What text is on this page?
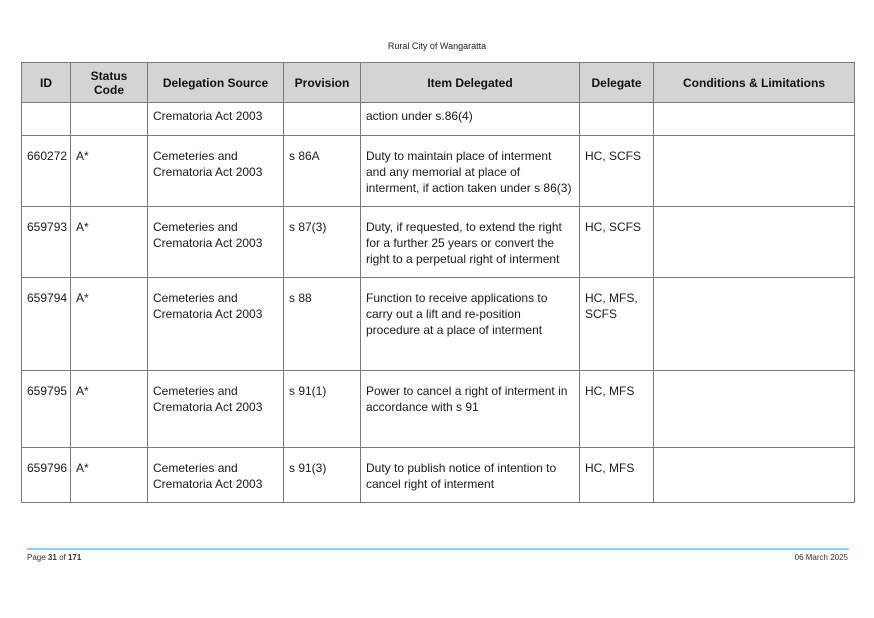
Rural City of Wangaratta
ID	Status Code	Delegation Source	Provision	Item Delegated	Delegate	Conditions & Limitations
		Crematoria Act 2003		action under s.86(4)		
660272	A*	Cemeteries and Crematoria Act 2003	s 86A	Duty to maintain place of interment and any memorial at place of interment, if action taken under s 86(3)	HC, SCFS	
659793	A*	Cemeteries and Crematoria Act 2003	s 87(3)	Duty, if requested, to extend the right for a further 25 years or convert the right to a perpetual right of interment	HC, SCFS	
659794	A*	Cemeteries and Crematoria Act 2003	s 88	Function to receive applications to carry out a lift and re-position procedure at a place of interment	HC, MFS, SCFS	
659795	A*	Cemeteries and Crematoria Act 2003	s 91(1)	Power to cancel a right of interment in accordance with s 91	HC, MFS	
659796	A*	Cemeteries and Crematoria Act 2003	s 91(3)	Duty to publish notice of intention to cancel right of interment	HC, MFS	
Page 31 of 171	06 March 2025
